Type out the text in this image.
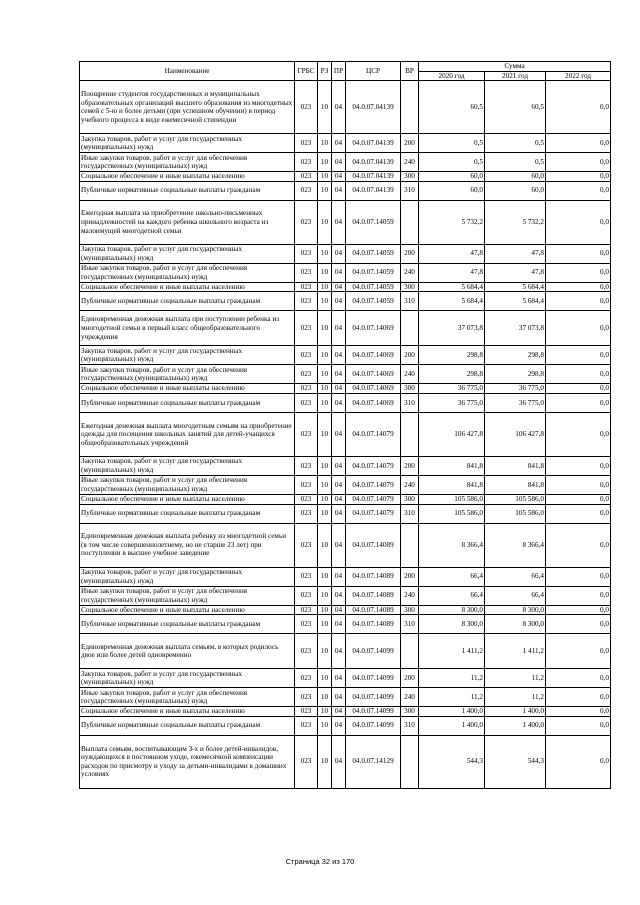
Наименование	ГРБС	РЗ	ПР	ЦСР	ВР	Сумма		
						2020 год	2021 год	2022 год
Поощрение студентов государственных и муниципальных образовательных организаций высшего образования из многодетных семей с 5-ю и более детьми (при успешном обучении) в период учебного процесса в виде ежемесячной стипендии	023	10	04	04.0.07.04139		60,5	60,5	0,0
Закупка товаров, работ и услуг для государственных (муниципальных) нужд	023	10	04	04.0.07.04139	200	0,5	0,5	0,0
Иные закупки товаров, работ и услуг для обеспечения государственных (муниципальных) нужд	023	10	04	04.0.07.04139	240	0,5	0,5	0,0
Социальное обеспечение и иные выплаты населению	023	10	04	04.0.07.04139	300	60,0	60,0	0,0
Публичные нормативные социальные выплаты гражданам	023	10	04	04.0.07.04139	310	60,0	60,0	0,0
Ежегодная выплата на приобретение школьно-письменных принадлежностей на каждого ребенка школьного возраста из малоимущей многодетной семьи	023	10	04	04.0.07.14059		5 732,2	5 732,2	0,0
Закупка товаров, работ и услуг для государственных (муниципальных) нужд	023	10	04	04.0.07.14059	200	47,8	47,8	0,0
Иные закупки товаров, работ и услуг для обеспечения государственных (муниципальных) нужд	023	10	04	04.0.07.14059	240	47,8	47,8	0,0
Социальное обеспечение и иные выплаты населению	023	10	04	04.0.07.14059	300	5 684,4	5 684,4	0,0
Публичные нормативные социальные выплаты гражданам	023	10	04	04.0.07.14059	310	5 684,4	5 684,4	0,0
Единовременная денежная выплата при поступлении ребенка из многодетной семьи в первый класс общеобразовательного учреждения	023	10	04	04.0.07.14069		37 073,8	37 073,8	0,0
Закупка товаров, работ и услуг для государственных (муниципальных) нужд	023	10	04	04.0.07.14069	200	298,8	298,8	0,0
Иные закупки товаров, работ и услуг для обеспечения государственных (муниципальных) нужд	023	10	04	04.0.07.14069	240	298,8	298,8	0,0
Социальное обеспечение и иные выплаты населению	023	10	04	04.0.07.14069	300	36 775,0	36 775,0	0,0
Публичные нормативные социальные выплаты гражданам	023	10	04	04.0.07.14069	310	36 775,0	36 775,0	0,0
Ежегодная денежная выплата многодетным семьям на приобретение одежды для посещения школьных занятий для детей-учащихся общеобразовательных учреждений	023	10	04	04.0.07.14079		106 427,8	106 427,8	0,0
Закупка товаров, работ и услуг для государственных (муниципальных) нужд	023	10	04	04.0.07.14079	200	841,8	841,8	0,0
Иные закупки товаров, работ и услуг для обеспечения государственных (муниципальных) нужд	023	10	04	04.0.07.14079	240	841,8	841,8	0,0
Социальное обеспечение и иные выплаты населению	023	10	04	04.0.07.14079	300	105 586,0	105 586,0	0,0
Публичные нормативные социальные выплаты гражданам	023	10	04	04.0.07.14079	310	105 586,0	105 586,0	0,0
Единовременная денежная выплата ребенку из многодетной семьи (в том числе совершеннолетнему, но не старше 23 лет) при поступлении в высшее учебное заведение	023	10	04	04.0.07.14089		8 366,4	8 366,4	0,0
Закупка товаров, работ и услуг для государственных (муниципальных) нужд	023	10	04	04.0.07.14089	200	66,4	66,4	0,0
Иные закупки товаров, работ и услуг для обеспечения государственных (муниципальных) нужд	023	10	04	04.0.07.14089	240	66,4	66,4	0,0
Социальное обеспечение и иные выплаты населению	023	10	04	04.0.07.14089	300	8 300,0	8 300,0	0,0
Публичные нормативные социальные выплаты гражданам	023	10	04	04.0.07.14089	310	8 300,0	8 300,0	0,0
Единовременная денежная выплата семьям, в которых родилось двое или более детей одновременно	023	10	04	04.0.07.14099		1 411,2	1 411,2	0,0
Закупка товаров, работ и услуг для государственных (муниципальных) нужд	023	10	04	04.0.07.14099	200	11,2	11,2	0,0
Иные закупки товаров, работ и услуг для обеспечения государственных (муниципальных) нужд	023	10	04	04.0.07.14099	240	11,2	11,2	0,0
Социальное обеспечение и иные выплаты населению	023	10	04	04.0.07.14099	300	1 400,0	1 400,0	0,0
Публичные нормативные социальные выплаты гражданам	023	10	04	04.0.07.14099	310	1 400,0	1 400,0	0,0
Выплата семьям, воспитывающим 3-х и более детей-инвалидов, нуждающихся в постоянном уходе, ежемесячной компенсации расходов по присмотру и уходу за детьми-инвалидами в домашних условиях	023	10	04	04.0.07.14129		544,3	544,3	0,0
Страница 32 из 170
